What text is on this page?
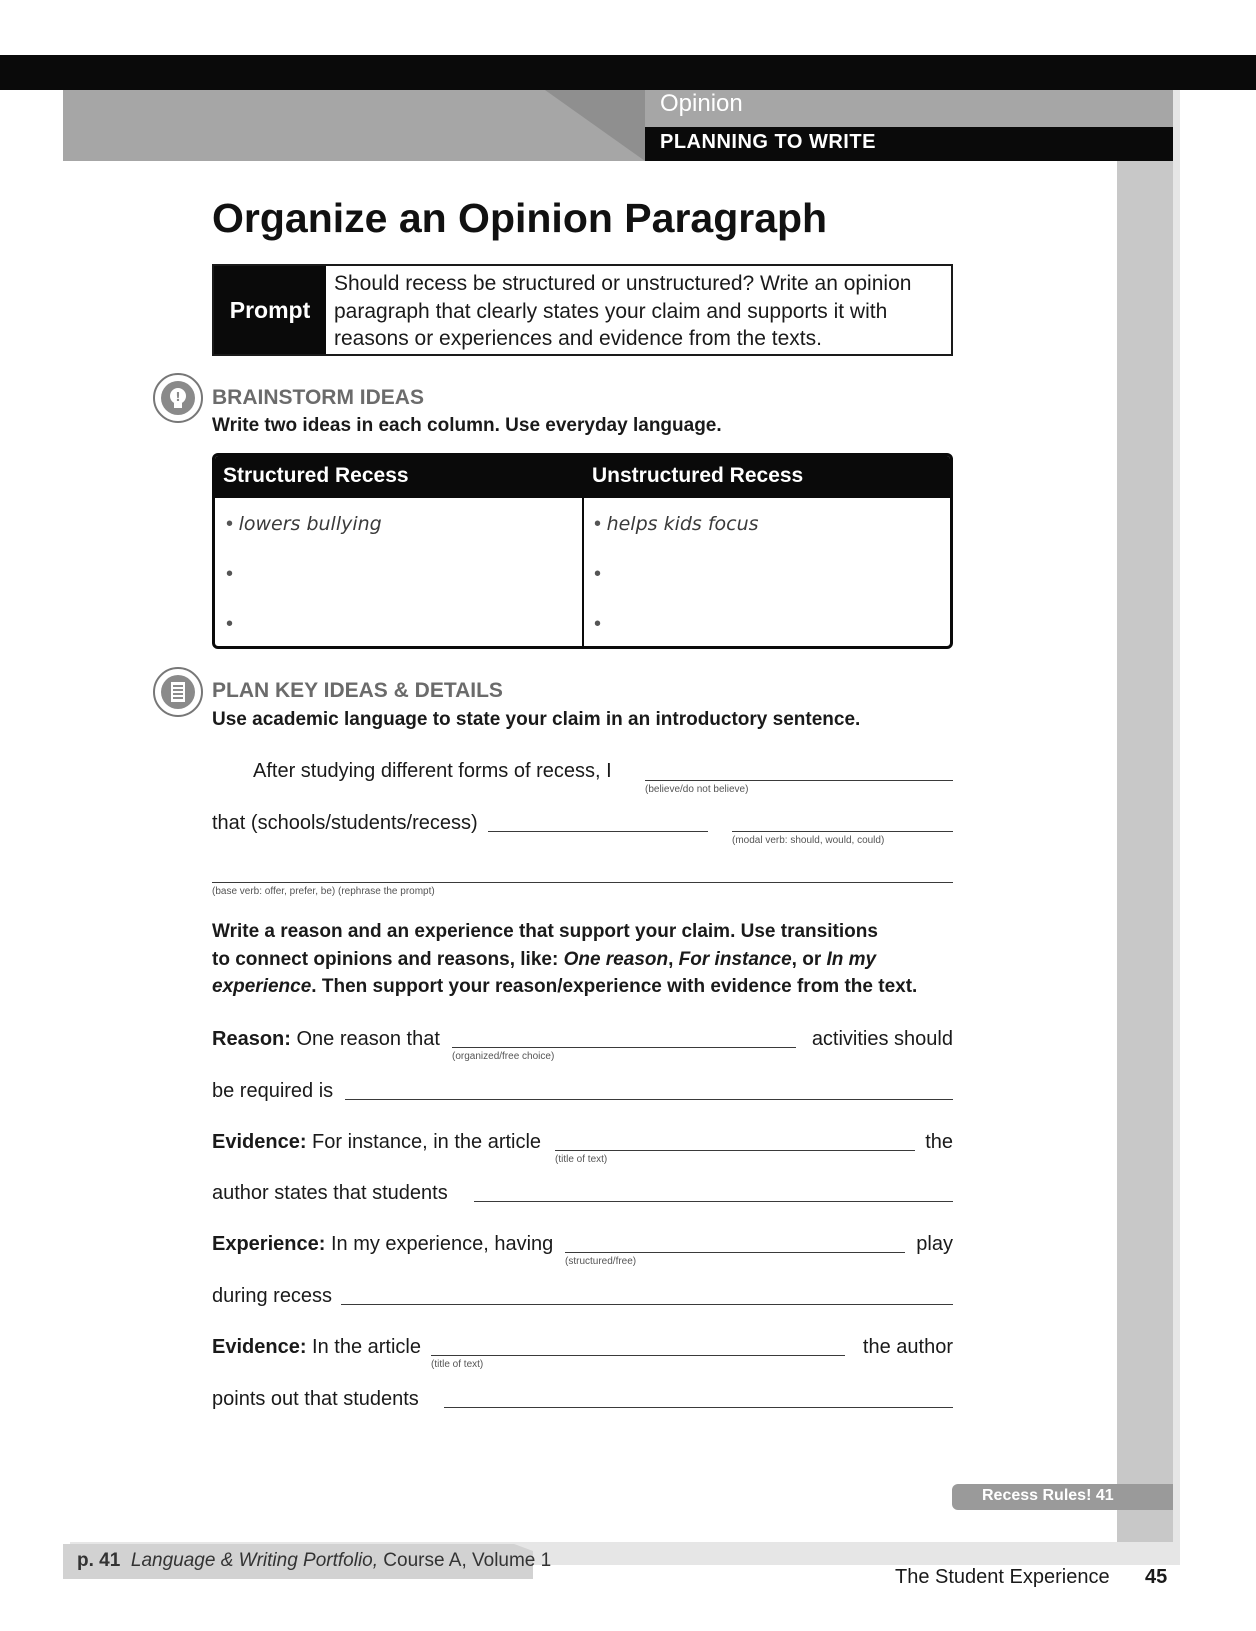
Opinion
PLANNING TO WRITE
Organize an Opinion Paragraph
Prompt
Should recess be structured or unstructured? Write an opinion
paragraph that clearly states your claim and supports it with
reasons or experiences and evidence from the texts.
! BRAINSTORM IDEAS
Write two ideas in each column. Use everyday language.
Structured Recess	Unstructured Recess
• lowers bullying
•
•
• helps kids focus
•
•
PLAN KEY IDEAS & DETAILS
Use academic language to state your claim in an introductory sentence.
After studying different forms of recess, I
(believe/do not believe)
that (schools/students/recess)
(modal verb: should, would, could)
(base verb: offer, prefer, be) (rephrase the prompt)
Write a reason and an experience that support your claim. Use transitions
to connect opinions and reasons, like: One reason, For instance, or In my
experience. Then support your reason/experience with evidence from the text.
Reason: One reason that
(organized/free choice)
activities should
be required is
Evidence: For instance, in the article
(title of text)
the
author states that students
Experience: In my experience, having
(structured/free)
play
during recess
Evidence: In the article
(title of text)
the author
points out that students
Recess Rules! 41
p. 41 Language & Writing Portfolio, Course A, Volume 1
The Student Experience 45
